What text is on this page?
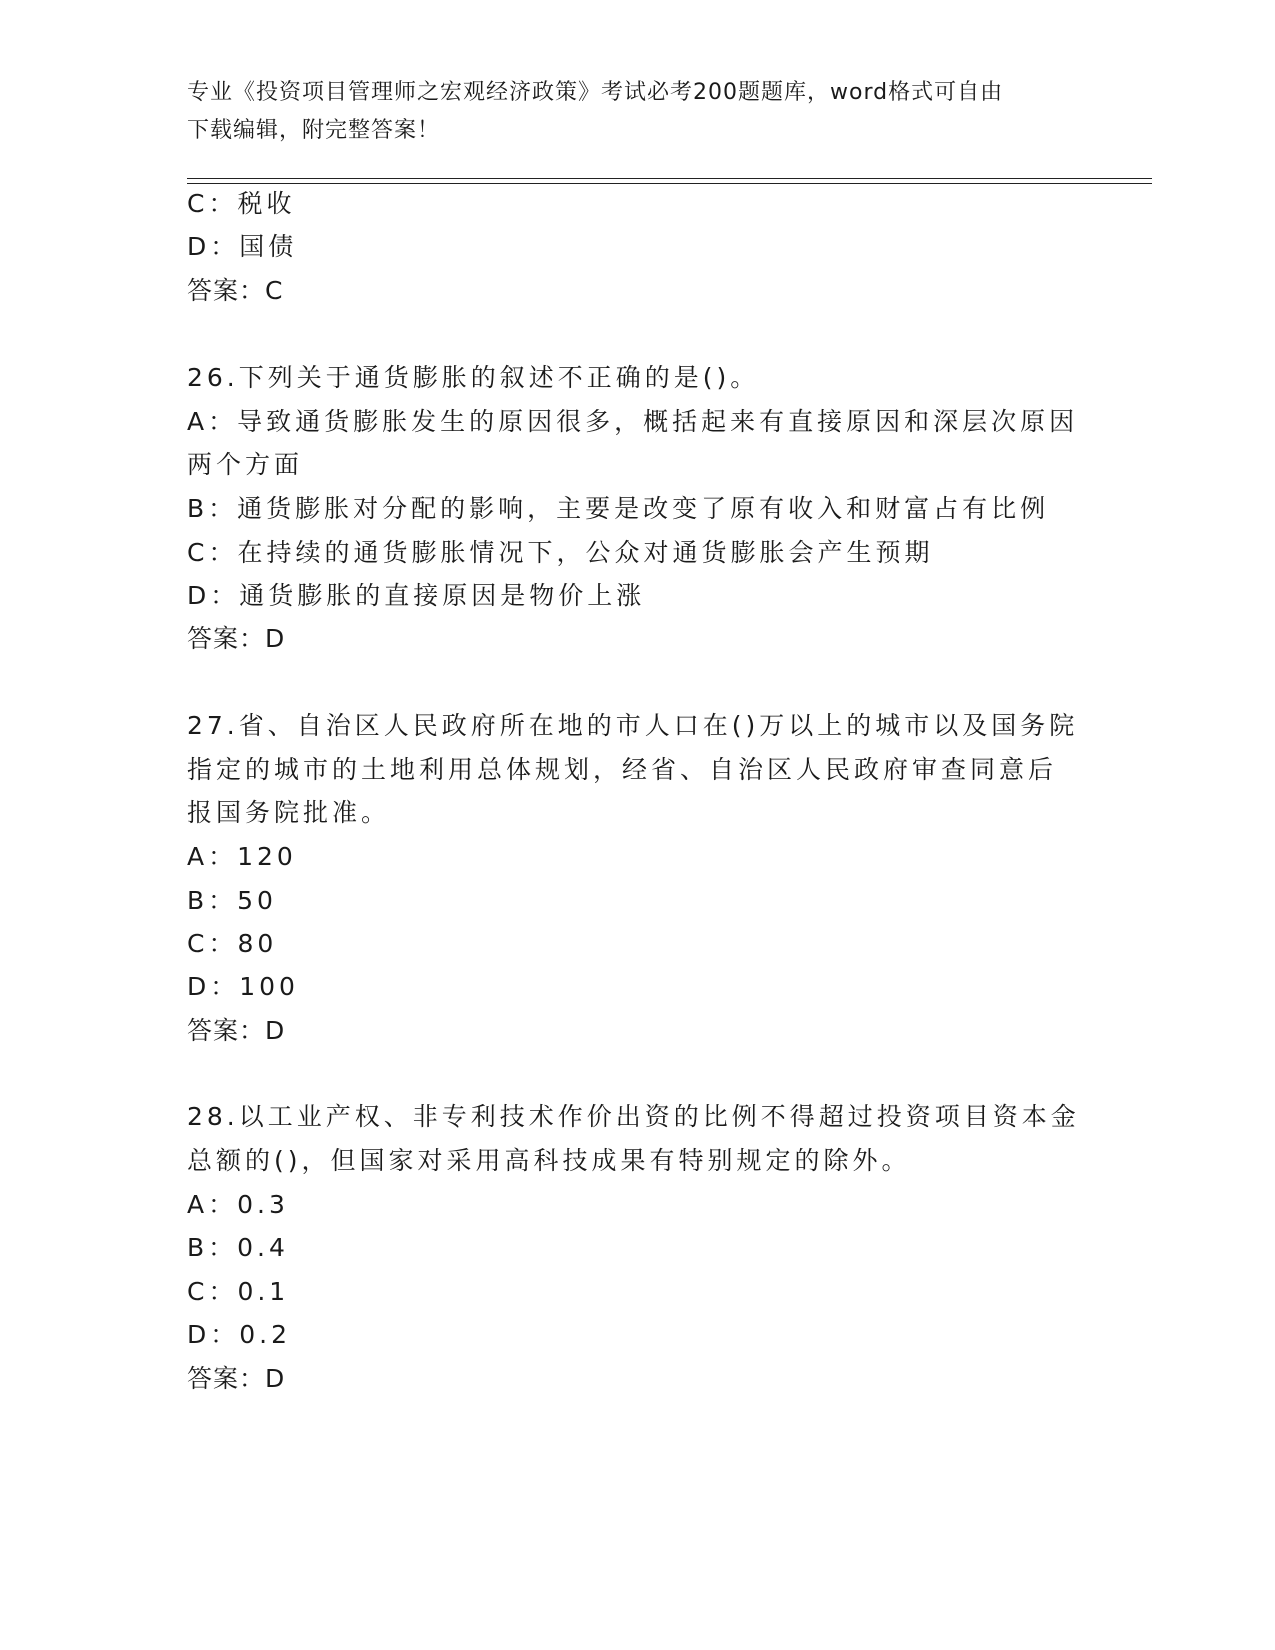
专业《投资项目管理师之宏观经济政策》考试必考200题题库，word格式可自由
下载编辑，附完整答案！
C：税收
D：国债
答案：C
26.下列关于通货膨胀的叙述不正确的是()。
A：导致通货膨胀发生的原因很多，概括起来有直接原因和深层次原因
两个方面
B：通货膨胀对分配的影响，主要是改变了原有收入和财富占有比例
C：在持续的通货膨胀情况下，公众对通货膨胀会产生预期
D：通货膨胀的直接原因是物价上涨
答案：D
27.省、自治区人民政府所在地的市人口在()万以上的城市以及国务院
指定的城市的土地利用总体规划，经省、自治区人民政府审查同意后
报国务院批准。
A：120
B：50
C：80
D：100
答案：D
28.以工业产权、非专利技术作价出资的比例不得超过投资项目资本金
总额的()，但国家对采用高科技成果有特别规定的除外。
A：0.3
B：0.4
C：0.1
D：0.2
答案：D
